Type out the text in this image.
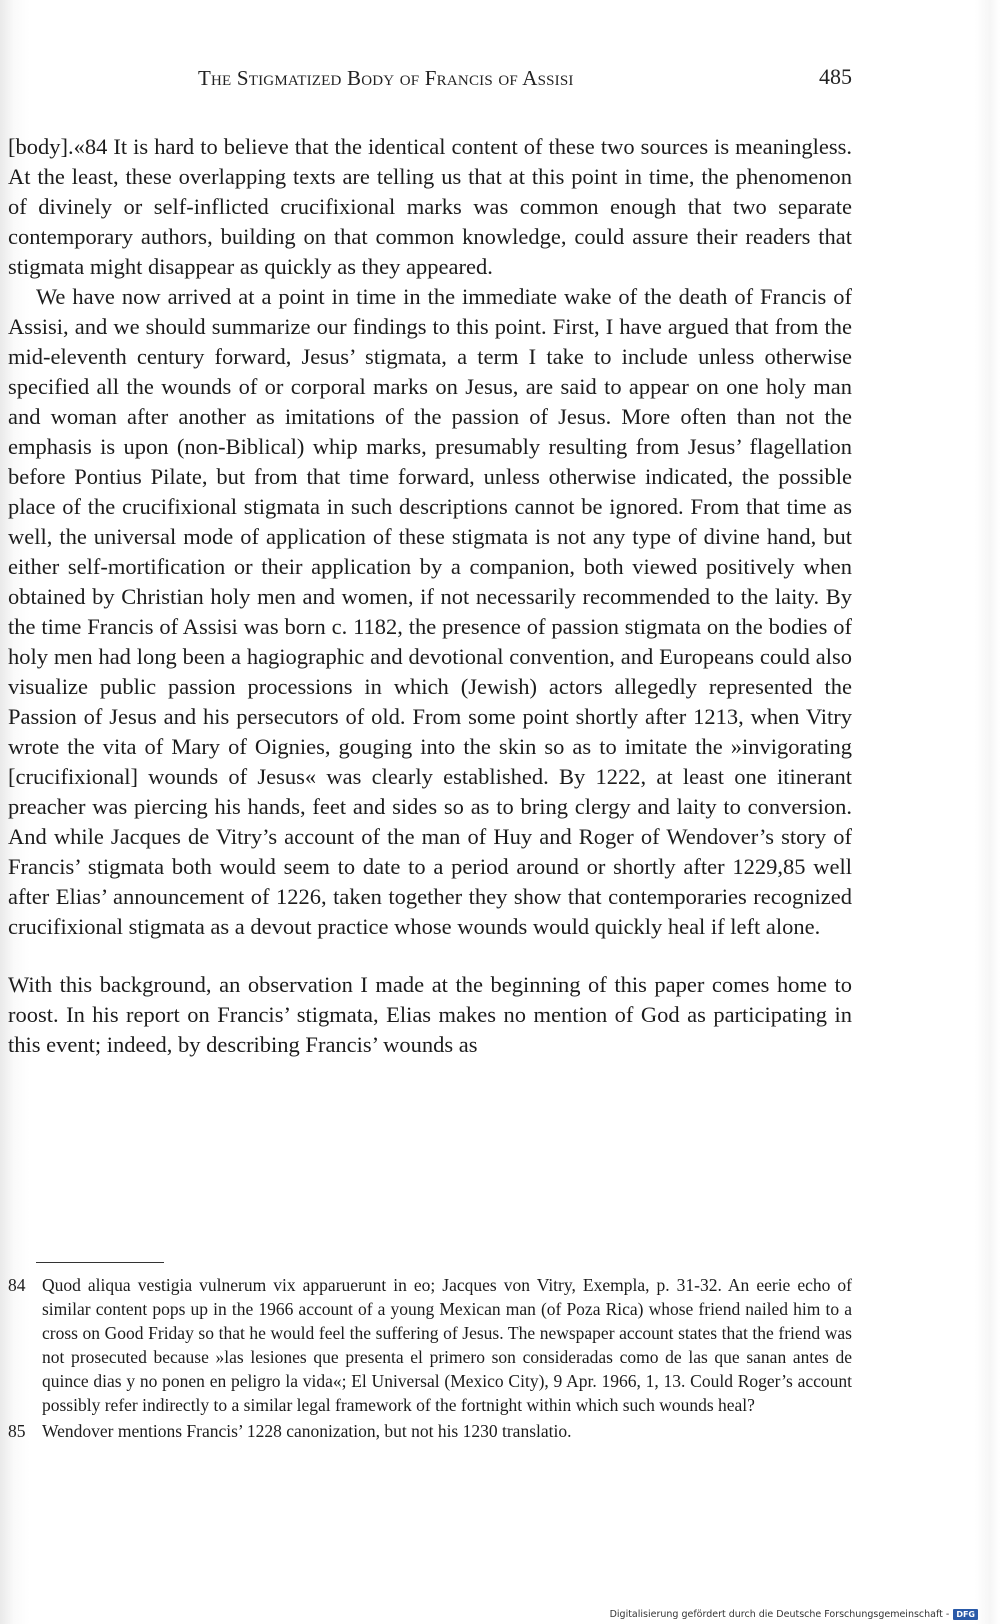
The Stigmatized Body of Francis of Assisi	485

[body].«84 It is hard to believe that the identical content of these two sources is meaningless. At the least, these overlapping texts are telling us that at this point in time, the phenomenon of divinely or self-inflicted crucifixional marks was common enough that two separate contemporary authors, building on that common knowledge, could assure their readers that stigmata might disappear as quickly as they appeared.

We have now arrived at a point in time in the immediate wake of the death of Francis of Assisi, and we should summarize our findings to this point. First, I have argued that from the mid-eleventh century forward, Jesus’ stigmata, a term I take to include unless otherwise specified all the wounds of or corporal marks on Jesus, are said to appear on one holy man and woman after another as imitations of the passion of Jesus. More often than not the emphasis is upon (non-Biblical) whip marks, presumably resulting from Jesus’ flagellation before Pontius Pilate, but from that time forward, unless otherwise indicated, the possible place of the crucifixional stigmata in such descriptions cannot be ignored. From that time as well, the universal mode of application of these stigmata is not any type of divine hand, but either self-mortification or their application by a companion, both viewed positively when obtained by Christian holy men and women, if not necessarily recommended to the laity. By the time Francis of Assisi was born c. 1182, the presence of passion stigmata on the bodies of holy men had long been a hagiographic and devotional convention, and Europeans could also visualize public passion processions in which (Jewish) actors allegedly represented the Passion of Jesus and his persecutors of old. From some point shortly after 1213, when Vitry wrote the vita of Mary of Oignies, gouging into the skin so as to imitate the »invigorating [crucifixional] wounds of Jesus« was clearly established. By 1222, at least one itinerant preacher was piercing his hands, feet and sides so as to bring clergy and laity to conversion. And while Jacques de Vitry’s account of the man of Huy and Roger of Wendover’s story of Francis’ stigmata both would seem to date to a period around or shortly after 1229,85 well after Elias’ announcement of 1226, taken together they show that contemporaries recognized crucifixional stigmata as a devout practice whose wounds would quickly heal if left alone.

With this background, an observation I made at the beginning of this paper comes home to roost. In his report on Francis’ stigmata, Elias makes no mention of God as participating in this event; indeed, by describing Francis’ wounds as

84 Quod aliqua vestigia vulnerum vix apparuerunt in eo; Jacques von Vitry, Exempla, p. 31-32. An eerie echo of similar content pops up in the 1966 account of a young Mexican man (of Poza Rica) whose friend nailed him to a cross on Good Friday so that he would feel the suffering of Jesus. The newspaper account states that the friend was not prosecuted because »las lesiones que presenta el primero son consideradas como de las que sanan antes de quince dias y no ponen en peligro la vida«; El Universal (Mexico City), 9 Apr. 1966, 1, 13. Could Roger’s account possibly refer indirectly to a similar legal framework of the fortnight within which such wounds heal?

85 Wendover mentions Francis’ 1228 canonization, but not his 1230 translatio.

Digitalisierung gefördert durch die Deutsche Forschungsgemeinschaft - DFG
